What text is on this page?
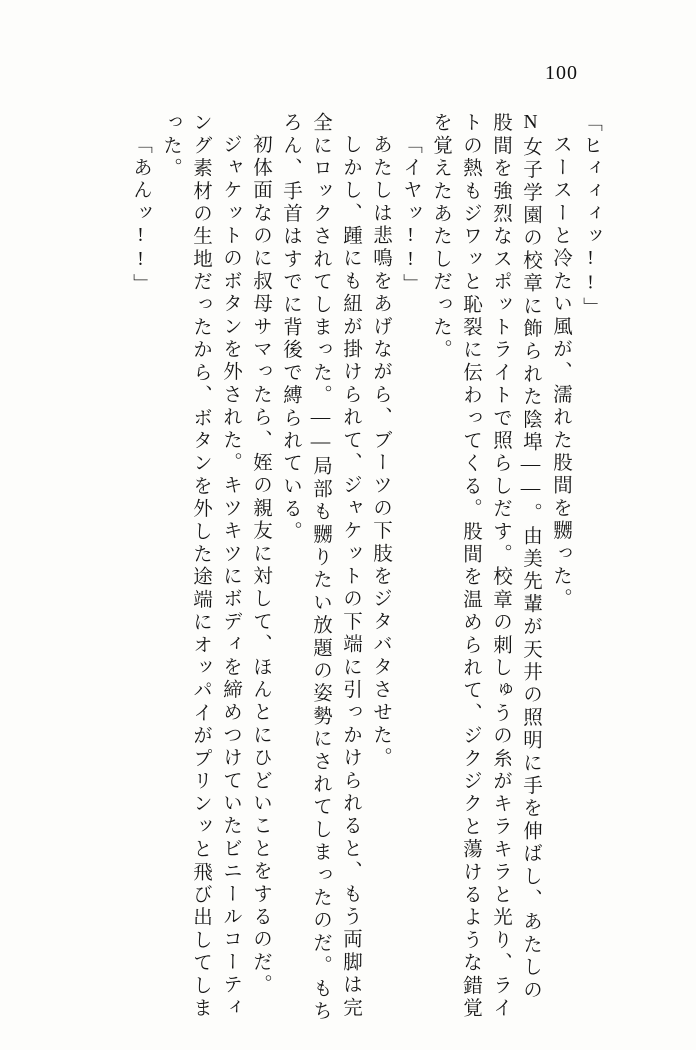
100
「ヒィィィッ!!」
スースーと冷たい風が、濡れた股間を嬲った。
N女子学園の校章に飾られた陰埠——。由美先輩が天井の照明に手を伸ばし、あたしの
股間を強烈なスポットライトで照らしだす。校章の刺しゅうの糸がキラキラと光り、ライ
トの熱もジワッと恥裂に伝わってくる。股間を温められて、ジクジクと蕩けるような錯覚
を覚えたあたしだった。
「イヤッ!!」
あたしは悲鳴をあげながら、ブーツの下肢をジタバタさせた。
しかし、踵にも紐が掛けられて、ジャケットの下端に引っかけられると、もう両脚は完
全にロックされてしまった。——局部も嬲りたい放題の姿勢にされてしまったのだ。もち
ろん、手首はすでに背後で縛られている。
初体面なのに叔母サマったら、姪の親友に対して、ほんとにひどいことをするのだ。
ジャケットのボタンを外された。キツキツにボディを締めつけていたビニールコーティ
ング素材の生地だったから、ボタンを外した途端にオッパイがプリンッと飛び出してしま
った。
「あんッ!!」
